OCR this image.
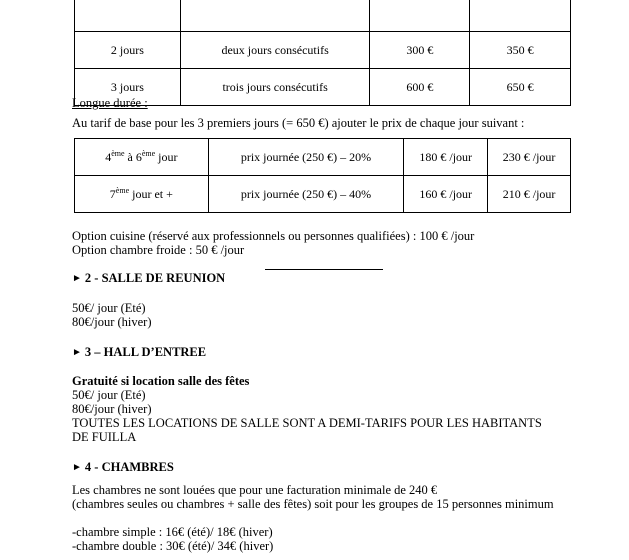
2 jours	deux jours consécutifs	300 €	350 €
3 jours	trois jours consécutifs	600 €	650 €
Longue durée :
Au tarif de base pour les 3 premiers jours (= 650 €) ajouter le prix de chaque jour suivant :
4ème à 6ème jour	prix journée (250 €) – 20%	180 € /jour	230 € /jour
7ème jour et +	prix journée (250 €) – 40%	160 € /jour	210 € /jour
Option cuisine (réservé aux professionnels ou personnes qualifiées) : 100 € /jour
Option chambre froide : 50 € /jour
► 2 - SALLE DE REUNION
50€/ jour (Eté)
80€/jour (hiver)
► 3 – HALL D’ENTREE
Gratuité si location salle des fêtes
50€/ jour (Eté)
80€/jour (hiver)
TOUTES LES LOCATIONS DE SALLE SONT A DEMI-TARIFS POUR LES HABITANTS
DE FUILLA
► 4 - CHAMBRES
Les chambres ne sont louées que pour une facturation minimale de 240 €
(chambres seules ou chambres + salle des fêtes) soit pour les groupes de 15 personnes minimum
-chambre simple : 16€ (été)/ 18€ (hiver)
-chambre double : 30€ (été)/ 34€ (hiver)
